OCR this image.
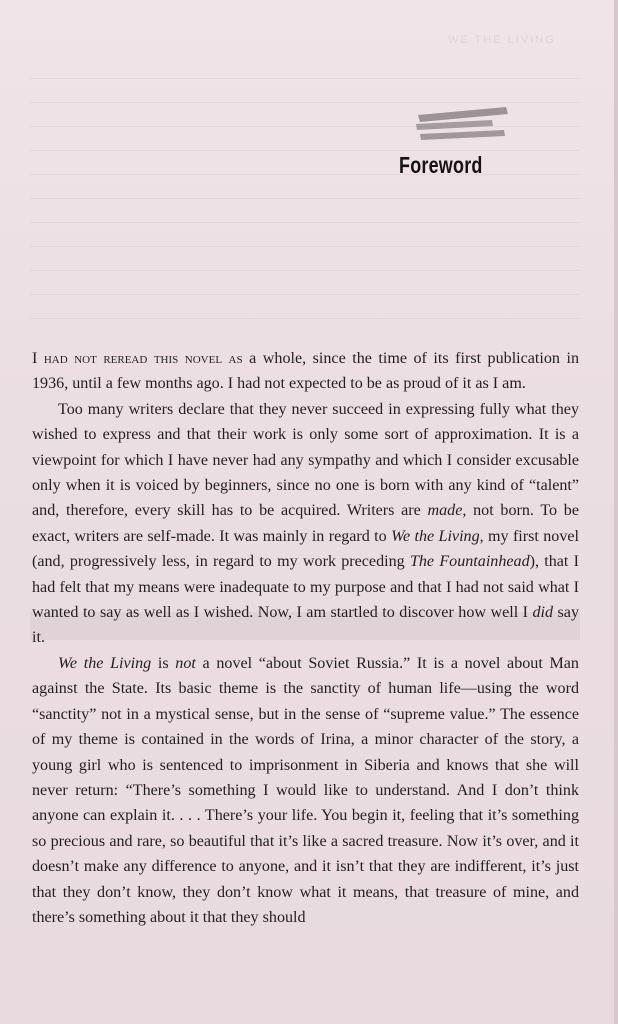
WE THE LIVING
Foreword

I had not reread this novel as a whole, since the time of its first publication in 1936, until a few months ago. I had not expected to be as proud of it as I am.

Too many writers declare that they never succeed in expressing fully what they wished to express and that their work is only some sort of approximation. It is a viewpoint for which I have never had any sympathy and which I consider excusable only when it is voiced by beginners, since no one is born with any kind of “talent” and, therefore, every skill has to be acquired. Writers are made, not born. To be exact, writers are self-made. It was mainly in regard to We the Living, my first novel (and, progressively less, in regard to my work preceding The Fountainhead), that I had felt that my means were inadequate to my purpose and that I had not said what I wanted to say as well as I wished. Now, I am startled to discover how well I did say it.

We the Living is not a novel “about Soviet Russia.” It is a novel about Man against the State. Its basic theme is the sanctity of human life—using the word “sanctity” not in a mystical sense, but in the sense of “supreme value.” The essence of my theme is contained in the words of Irina, a minor character of the story, a young girl who is sentenced to imprisonment in Siberia and knows that she will never return: “There’s something I would like to understand. And I don’t think anyone can explain it. . . . There’s your life. You begin it, feeling that it’s something so precious and rare, so beautiful that it’s like a sacred treasure. Now it’s over, and it doesn’t make any difference to anyone, and it isn’t that they are indifferent, it’s just that they don’t know, they don’t know what it means, that treasure of mine, and there’s something about it that they should
